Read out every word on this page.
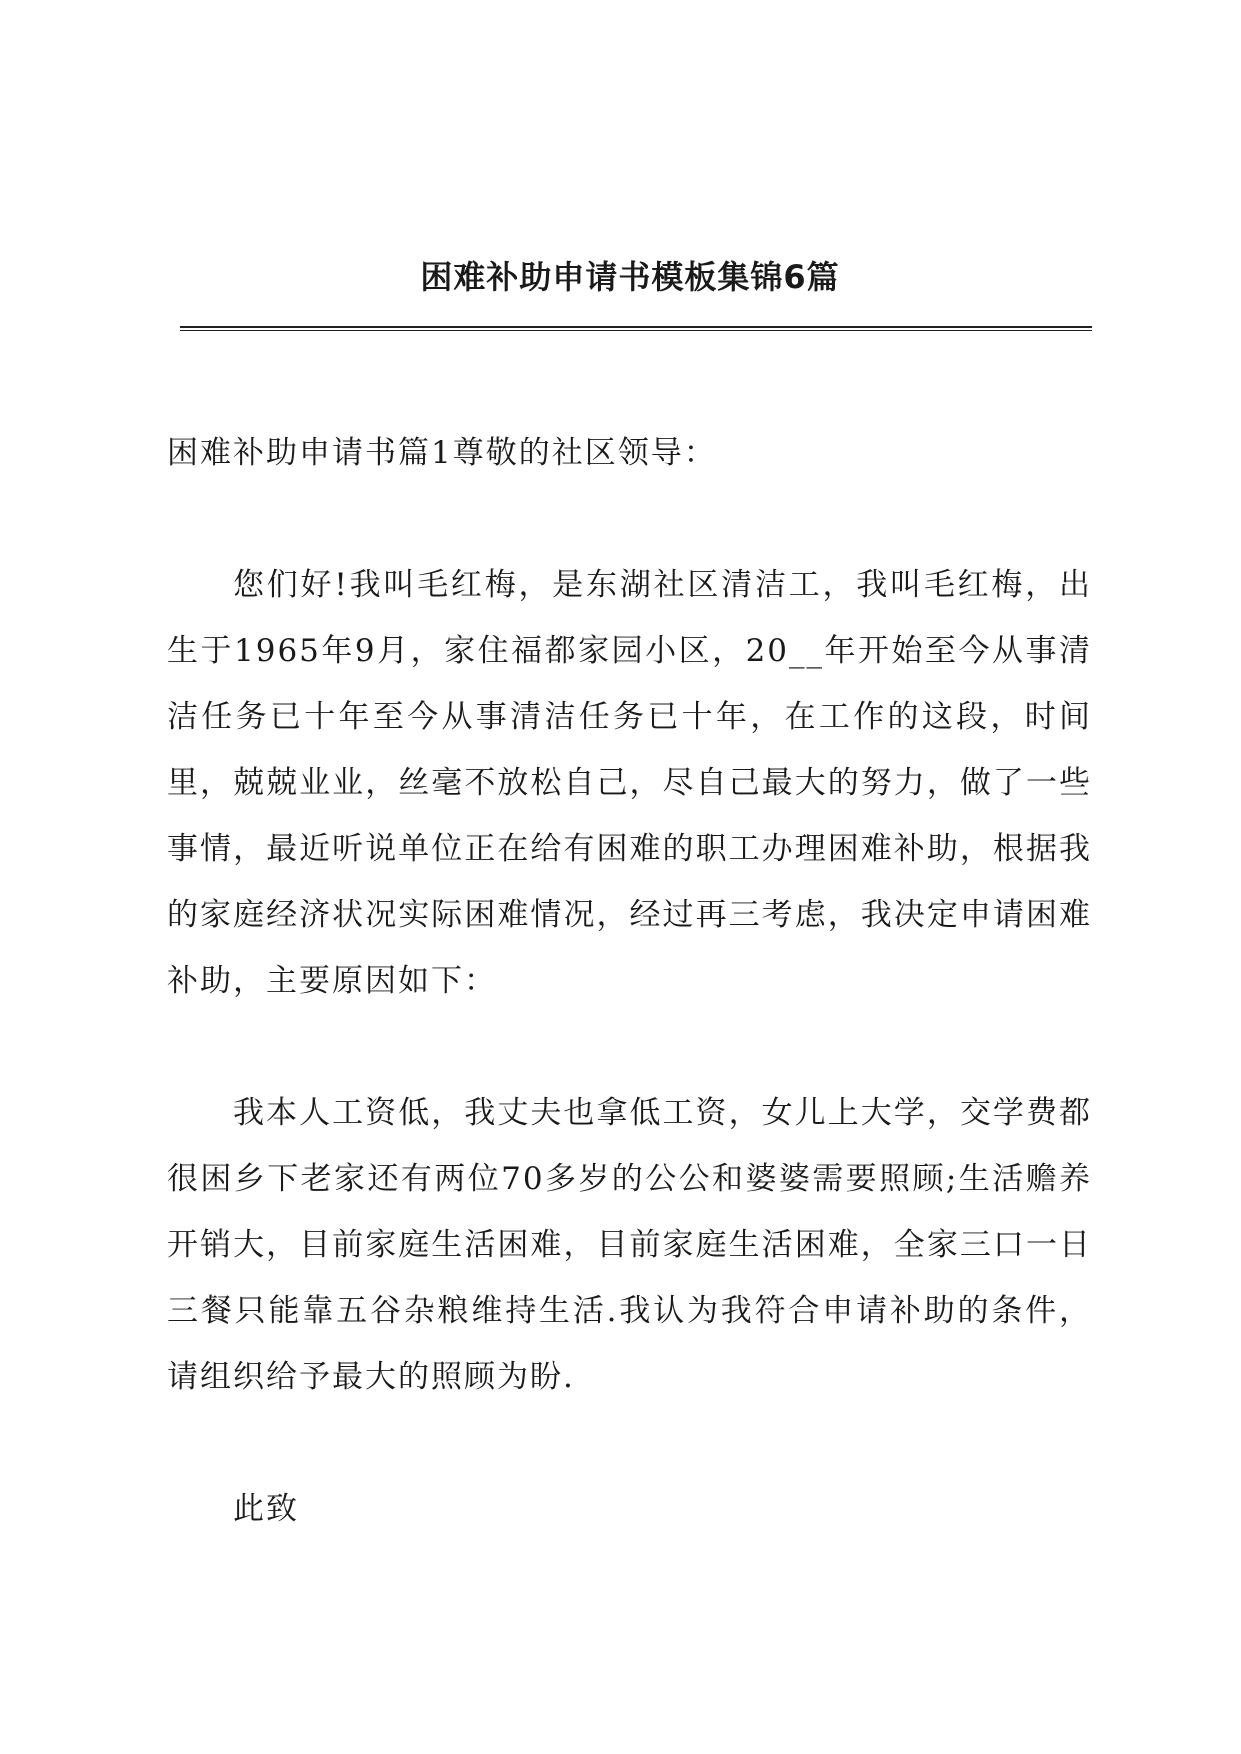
困难补助申请书模板集锦6篇

困难补助申请书篇1尊敬的社区领导：

您们好!我叫毛红梅，是东湖社区清洁工，我叫毛红梅，出生于1965年9月，家住福都家园小区，20__年开始至今从事清洁任务已十年至今从事清洁任务已十年，在工作的这段，时间里，兢兢业业，丝毫不放松自己，尽自己最大的努力，做了一些事情，最近听说单位正在给有困难的职工办理困难补助，根据我的家庭经济状况实际困难情况，经过再三考虑，我决定申请困难补助，主要原因如下：

我本人工资低，我丈夫也拿低工资，女儿上大学，交学费都很困乡下老家还有两位70多岁的公公和婆婆需要照顾;生活赡养开销大，目前家庭生活困难，目前家庭生活困难，全家三口一日三餐只能靠五谷杂粮维持生活.我认为我符合申请补助的条件，请组织给予最大的照顾为盼.

此致
